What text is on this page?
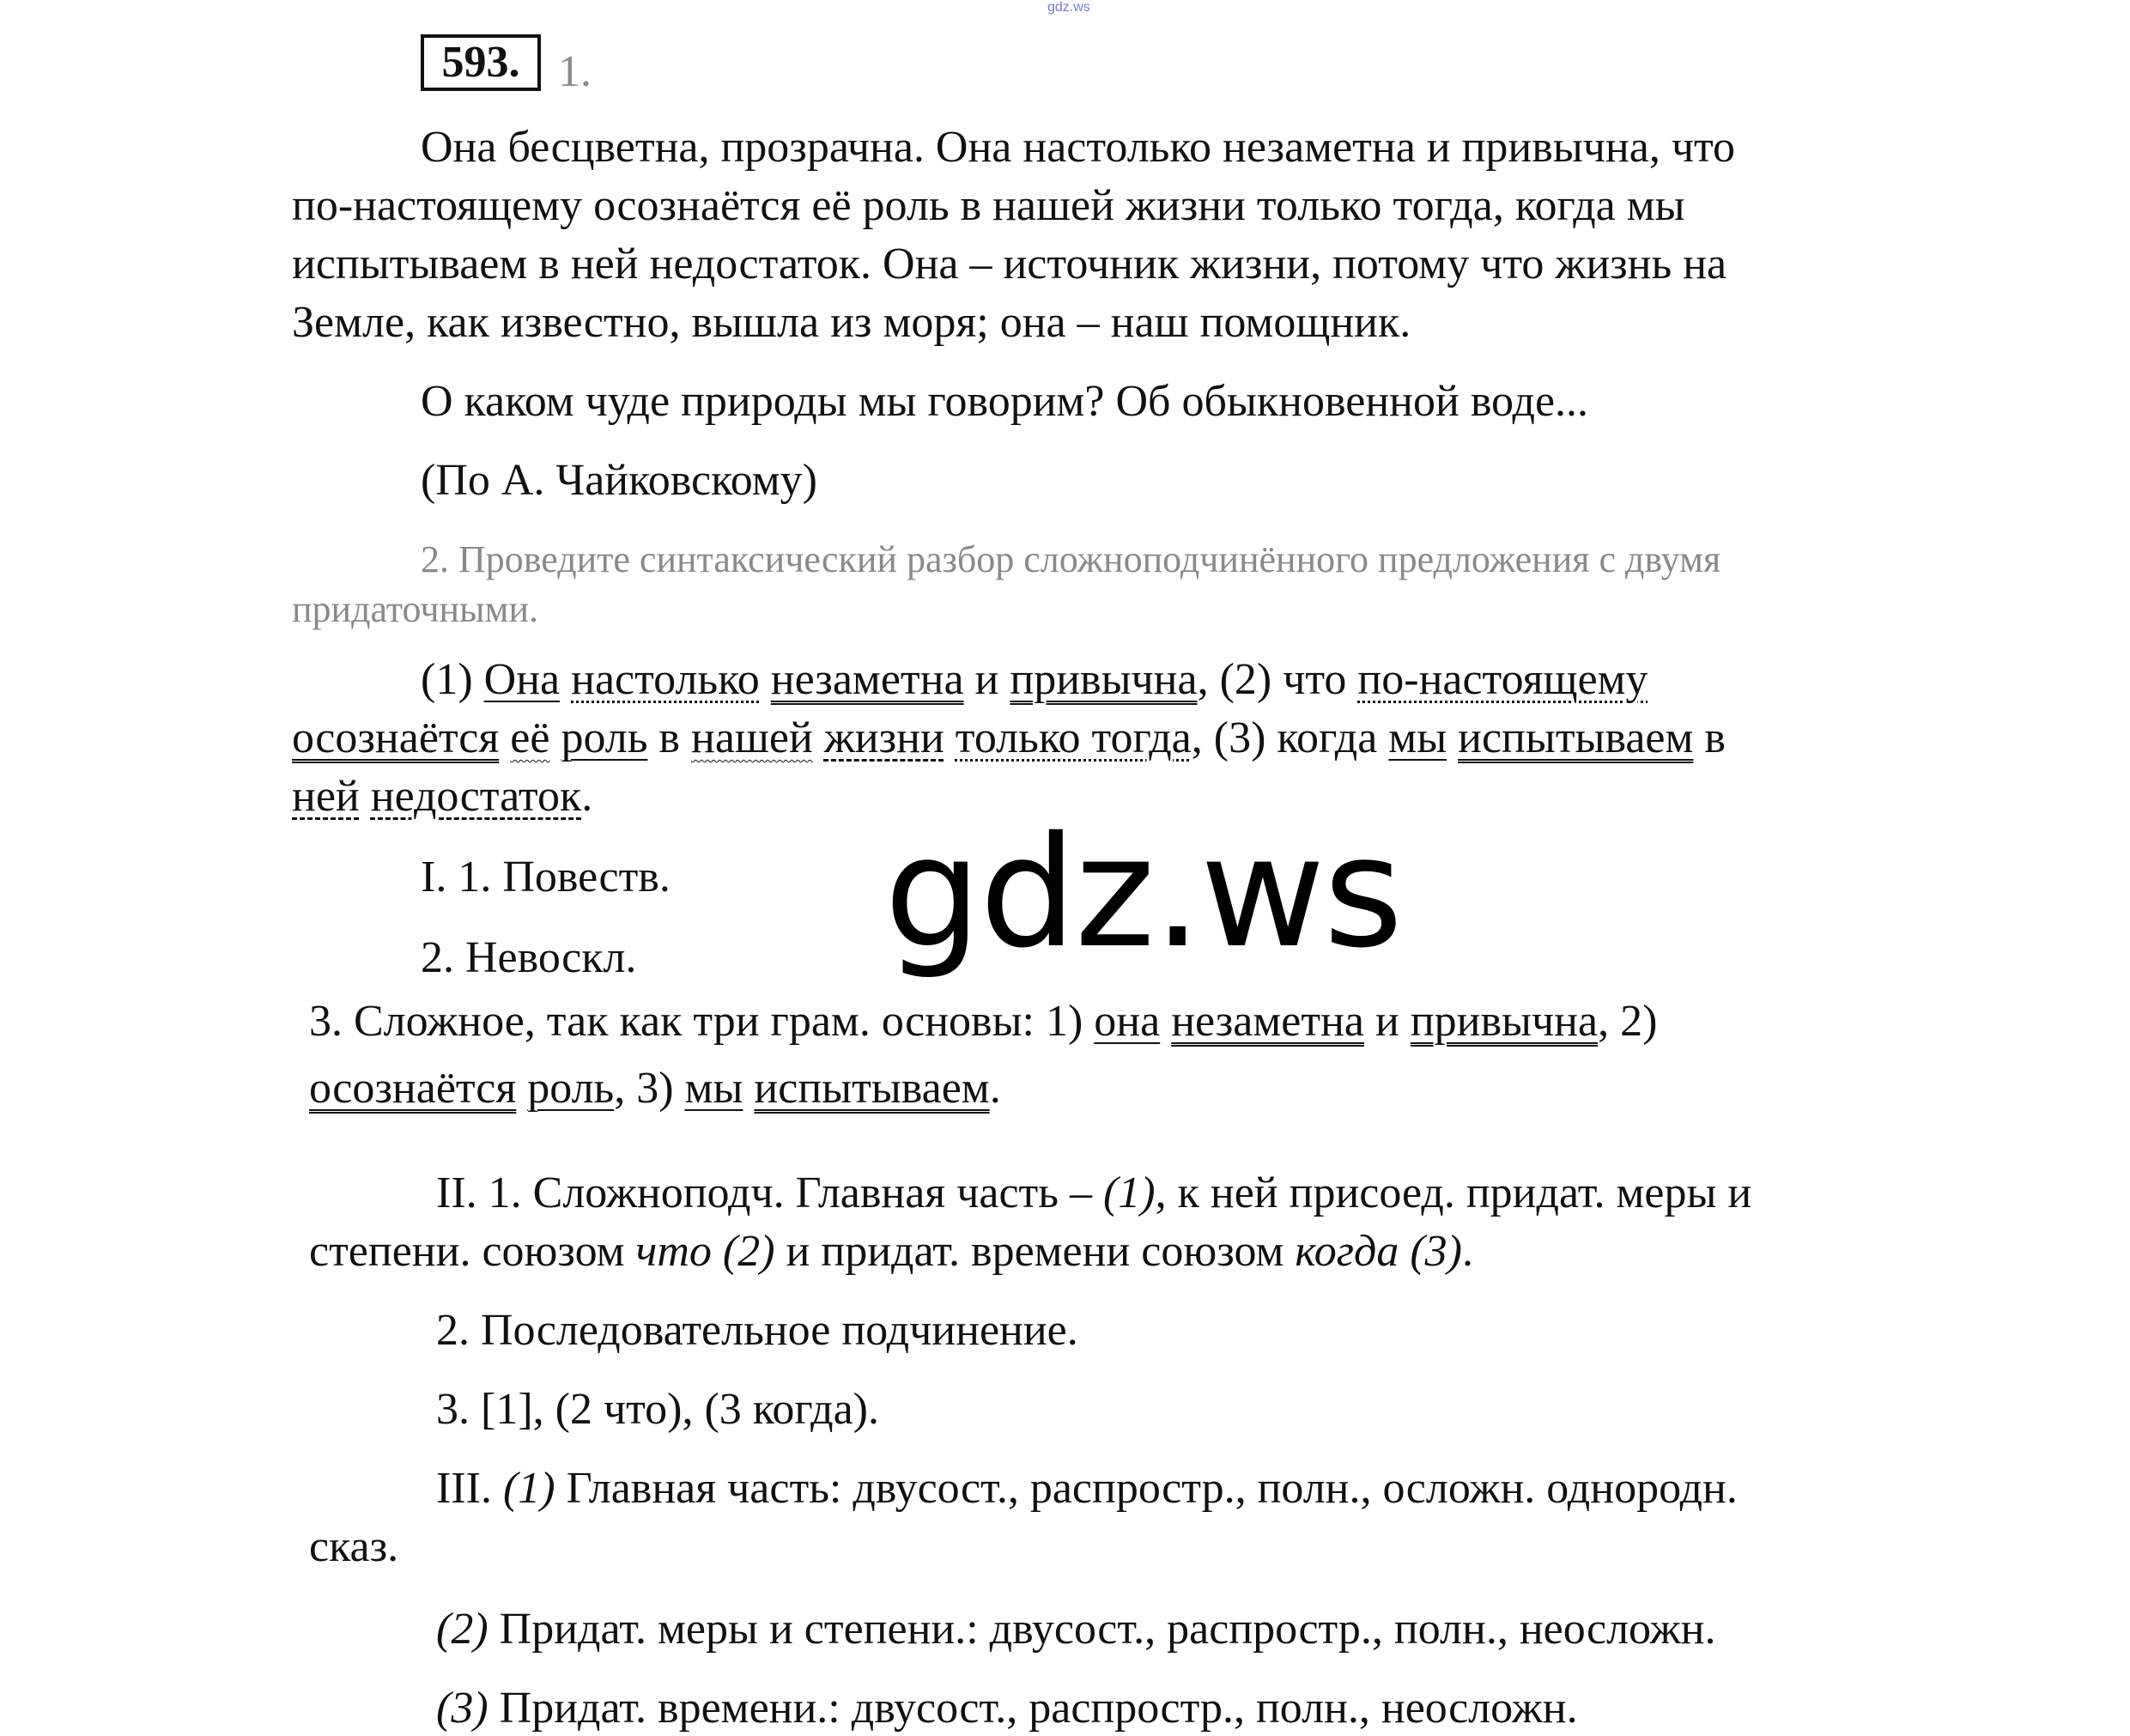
gdz.ws
593. 1.
Она бесцветна, прозрачна. Она настолько незаметна и привычна, что
по-настоящему осознаётся её роль в нашей жизни только тогда, когда мы
испытываем в ней недостаток. Она – источник жизни, потому что жизнь на
Земле, как известно, вышла из моря; она – наш помощник.
О каком чуде природы мы говорим? Об обыкновенной воде...
(По А. Чайковскому)
2. Проведите синтаксический разбор сложноподчинённого предложения с двумя
придаточными.
(1) Она настолько незаметна и привычна, (2) что по-настоящему
осознаётся её роль в нашей жизни только тогда, (3) когда мы испытываем в
ней недостаток.
I. 1. Повеств.
2. Невоскл.
3. Сложное, так как три грам. основы: 1) она незаметна и привычна, 2)
осознаётся роль, 3) мы испытываем.
II. 1. Сложноподч. Главная часть – (1), к ней присоед. придат. меры и
степени. союзом что (2) и придат. времени союзом когда (3).
2. Последовательное подчинение.
3. [1], (2 что), (3 когда).
III. (1) Главная часть: двусост., распростр., полн., осложн. однородн.
сказ.
(2) Придат. меры и степени.: двусост., распростр., полн., неосложн.
(3) Придат. времени.: двусост., распростр., полн., неосложн.
gdz.ws
